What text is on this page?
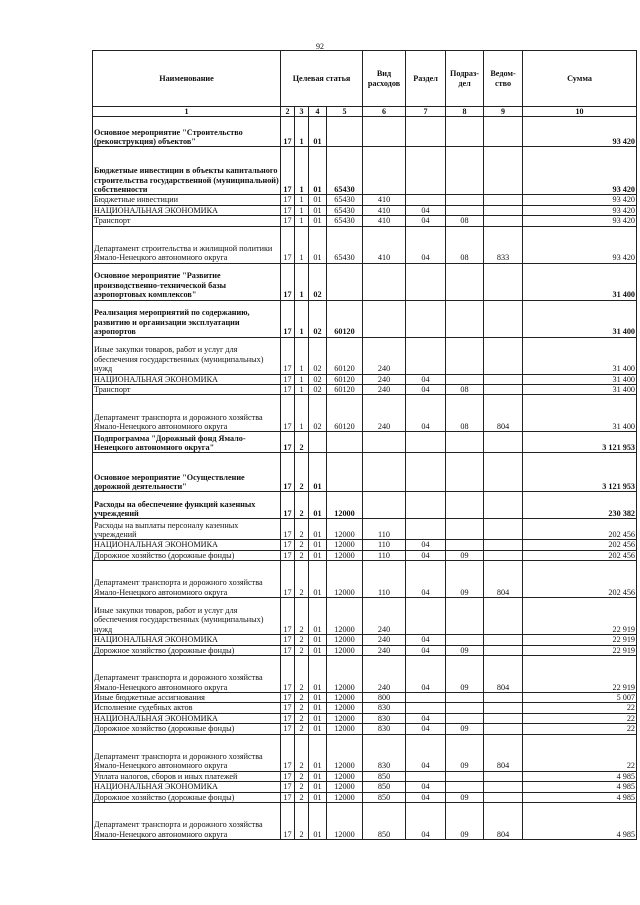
92
Наименование	Целевая статья				Вид расходов	Раздел	Подраз-дел	Ведом-ство	Сумма
1	2	3	4	5	6	7	8	9	10
Основное мероприятие "Строительство (реконструкция) объектов"	17	1	01						93 420
Бюджетные инвестиции в объекты капитального строительства государственной (муниципальной) собственности	17	1	01	65430					93 420
Бюджетные инвестиции	17	1	01	65430	410				93 420
НАЦИОНАЛЬНАЯ ЭКОНОМИКА	17	1	01	65430	410	04			93 420
Транспорт	17	1	01	65430	410	04	08		93 420
Департамент строительства и жилищной политики Ямало-Ненецкого автономного округа	17	1	01	65430	410	04	08	833	93 420
Основное мероприятие "Развитие производственно-технической базы аэропортовых комплексов"	17	1	02						31 400
Реализация мероприятий по содержанию, развитию и организации эксплуатации аэропортов	17	1	02	60120					31 400
Иные закупки товаров, работ и услуг для обеспечения государственных (муниципальных) нужд	17	1	02	60120	240				31 400
НАЦИОНАЛЬНАЯ ЭКОНОМИКА	17	1	02	60120	240	04			31 400
Транспорт	17	1	02	60120	240	04	08		31 400
Департамент транспорта и дорожного хозяйства Ямало-Ненецкого автономного округа	17	1	02	60120	240	04	08	804	31 400
Подпрограмма "Дорожный фонд Ямало-Ненецкого автономного округа"	17	2							3 121 953
Основное мероприятие "Осуществление дорожной деятельности"	17	2	01						3 121 953
Расходы на обеспечение функций казенных учреждений	17	2	01	12000					230 382
Расходы на выплаты персоналу казенных учреждений	17	2	01	12000	110				202 456
НАЦИОНАЛЬНАЯ ЭКОНОМИКА	17	2	01	12000	110	04			202 456
Дорожное хозяйство (дорожные фонды)	17	2	01	12000	110	04	09		202 456
Департамент транспорта и дорожного хозяйства Ямало-Ненецкого автономного округа	17	2	01	12000	110	04	09	804	202 456
Иные закупки товаров, работ и услуг для обеспечения государственных (муниципальных) нужд	17	2	01	12000	240				22 919
НАЦИОНАЛЬНАЯ ЭКОНОМИКА	17	2	01	12000	240	04			22 919
Дорожное хозяйство (дорожные фонды)	17	2	01	12000	240	04	09		22 919
Департамент транспорта и дорожного хозяйства Ямало-Ненецкого автономного округа	17	2	01	12000	240	04	09	804	22 919
Иные бюджетные ассигнования	17	2	01	12000	800				5 007
Исполнение судебных актов	17	2	01	12000	830				22
НАЦИОНАЛЬНАЯ ЭКОНОМИКА	17	2	01	12000	830	04			22
Дорожное хозяйство (дорожные фонды)	17	2	01	12000	830	04	09		22
Департамент транспорта и дорожного хозяйства Ямало-Ненецкого автономного округа	17	2	01	12000	830	04	09	804	22
Уплата налогов, сборов и иных платежей	17	2	01	12000	850				4 985
НАЦИОНАЛЬНАЯ ЭКОНОМИКА	17	2	01	12000	850	04			4 985
Дорожное хозяйство (дорожные фонды)	17	2	01	12000	850	04	09		4 985
Департамент транспорта и дорожного хозяйства Ямало-Ненецкого автономного округа	17	2	01	12000	850	04	09	804	4 985
